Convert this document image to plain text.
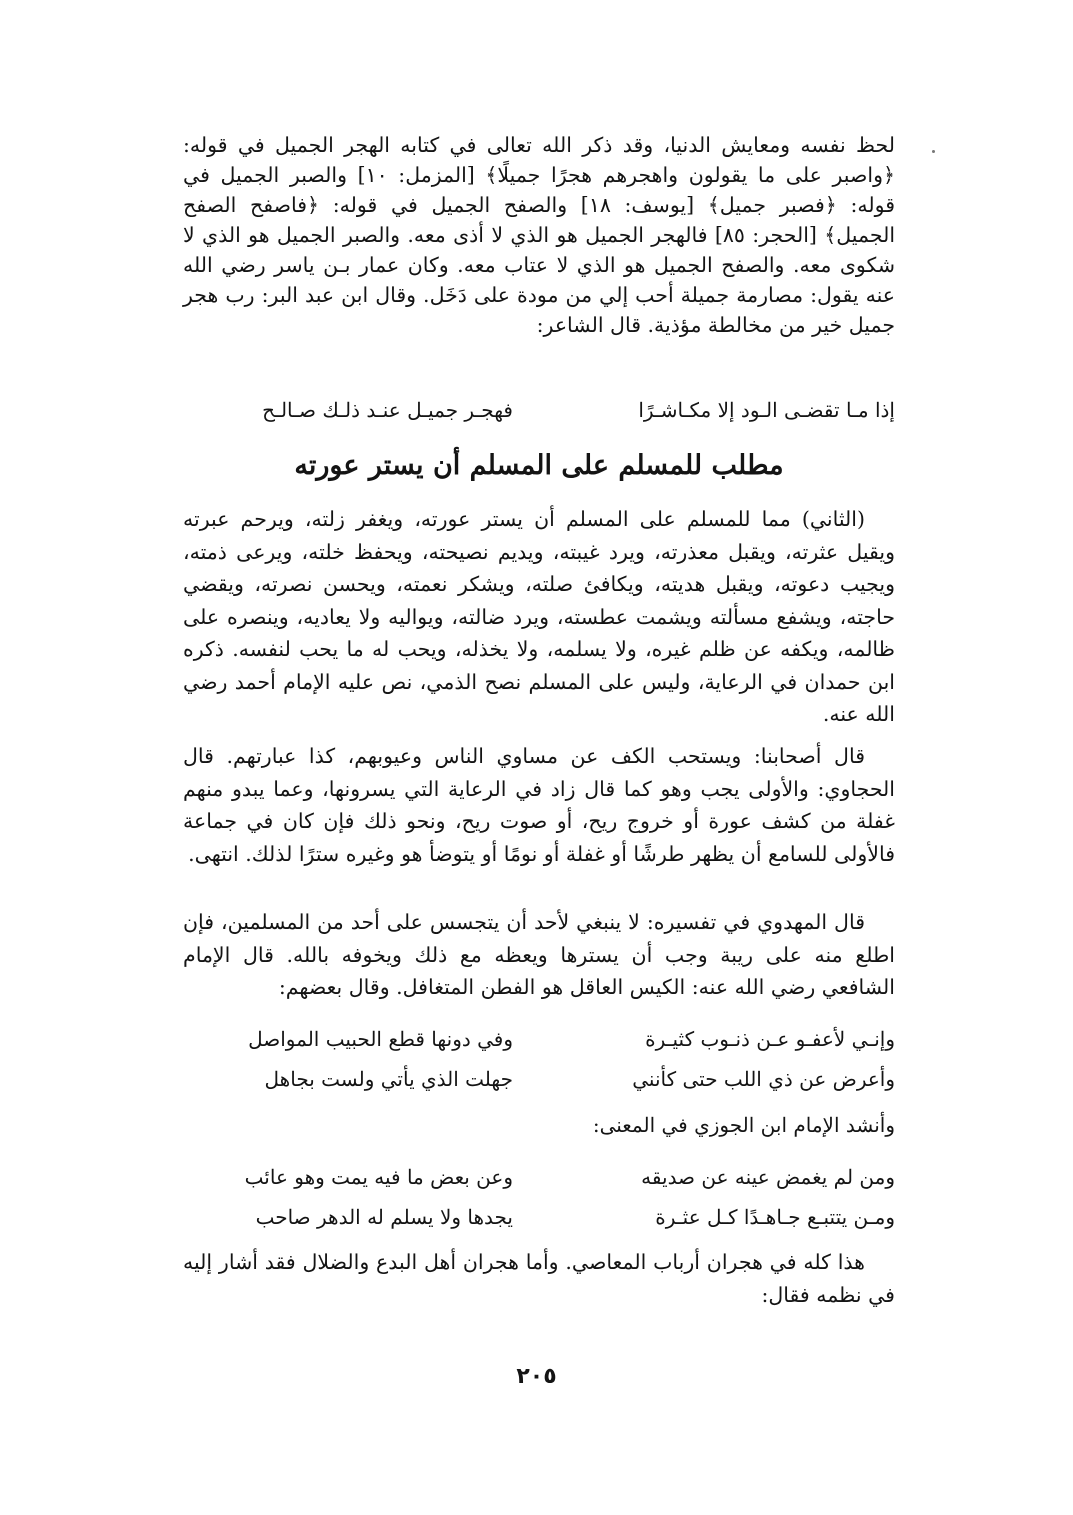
لحظ نفسه ومعايش الدنيا، وقد ذكر الله تعالى في كتابه الهجر الجميل في قوله: ﴿واصبر على ما يقولون واهجرهم هجرًا جميلًا﴾ [المزمل: ١٠] والصبر الجميل في قوله: ﴿فصبر جميل﴾ [يوسف: ١٨] والصفح الجميل في قوله: ﴿فاصفح الصفح الجميل﴾ [الحجر: ٨٥] فالهجر الجميل هو الذي لا أذى معه. والصبر الجميل هو الذي لا شكوى معه. والصفح الجميل هو الذي لا عتاب معه. وكان عمار بـن ياسر رضي الله عنه يقول: مصارمة جميلة أحب إلي من مودة على دَخَل. وقال ابن عبد البر: رب هجر جميل خير من مخالطة مؤذية. قال الشاعر:

إذا مـا تقضـى الـود إلا مكـاشـرًا
فهجـر جميـل عنـد ذلـك صـالـح
مطلب للمسلم على المسلم أن يستر عورته

(الثاني) مما للمسلم على المسلم أن يستر عورته، ويغفر زلته، ويرحم عبرته ويقيل عثرته، ويقبل معذرته، ويرد غيبته، ويديم نصيحته، ويحفظ خلته، ويرعى ذمته، ويجيب دعوته، ويقبل هديته، ويكافئ صلته، ويشكر نعمته، ويحسن نصرته، ويقضي حاجته، ويشفع مسألته ويشمت عطسته، ويرد ضالته، ويواليه ولا يعاديه، وينصره على ظالمه، ويكفه عن ظلم غيره، ولا يسلمه، ولا يخذله، ويحب له ما يحب لنفسه. ذكره ابن حمدان في الرعاية، وليس على المسلم نصح الذمي، نص عليه الإمام أحمد رضي الله عنه.

قال أصحابنا: ويستحب الكف عن مساوي الناس وعيوبهم، كذا عبارتهم. قال الحجاوي: والأولى يجب وهو كما قال زاد في الرعاية التي يسرونها، وعما يبدو منهم غفلة من كشف عورة أو خروج ريح، أو صوت ريح، ونحو ذلك فإن كان في جماعة فالأولى للسامع أن يظهر طرشًا أو غفلة أو نومًا أو يتوضأ هو وغيره سترًا لذلك. انتهى.

قال المهدوي في تفسيره: لا ينبغي لأحد أن يتجسس على أحد من المسلمين، فإن اطلع منه على ريبة وجب أن يسترها ويعظه مع ذلك ويخوفه بالله. قال الإمام الشافعي رضي الله عنه: الكيس العاقل هو الفطن المتغافل. وقال بعضهم:

وإنـي لأعفـو عـن ذنـوب كثيـرة
وفي دونها قطع الحبيب المواصل
وأعرض عن ذي اللب حتى كأنني
جهلت الذي يأتي ولست بجاهل
وأنشد الإمام ابن الجوزي في المعنى:
ومن لم يغمض عينه عن صديقه
وعن بعض ما فيه يمت وهو عائب
ومـن يتتبـع جـاهـدًا كـل عثـرة
يجدها ولا يسلم له الدهر صاحب

هذا كله في هجران أرباب المعاصي. وأما هجران أهل البدع والضلال فقد أشار إليه في نظمه فقال:

٢٠٥
